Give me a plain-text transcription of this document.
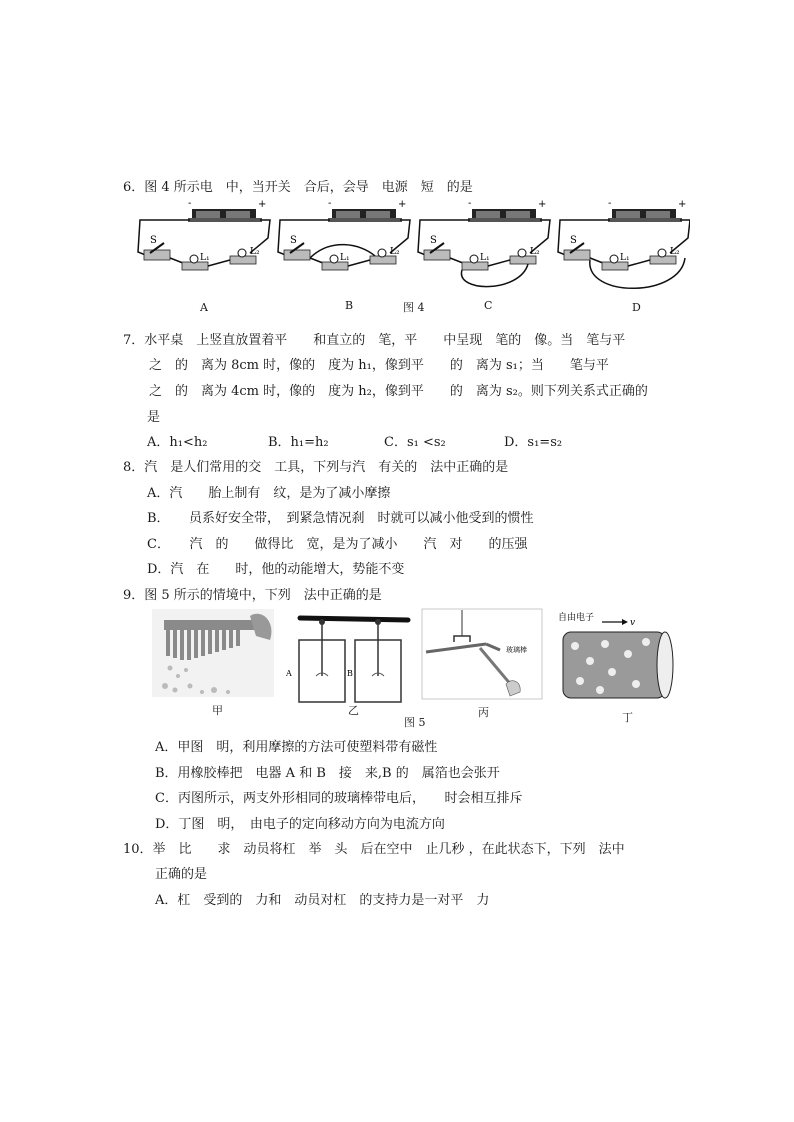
6．图 4 所示电　中，当开关　合后，会导　电源　短　的是
-	+
S
L₁
L₂
-	+
S
L₁
L₂
-	+
S
L₁
L₂
-	+
S
L₁
L₂
A	B	图 4	C	D
7．水平桌　上竖直放置着平　　和直立的　笔，平　　中呈现　笔的　像。当　笔与平
　　之　的　离为 8cm 时，像的　度为 h₁，像到平　　的　离为 s₁；当　　笔与平
　　之　的　离为 4cm 时，像的　度为 h₂，像到平　　的　离为 s₂。则下列关系式正确的
是
A．h₁<h₂	B．h₁=h₂	C．s₁ <s₂	D．s₁=s₂
8．汽　是人们常用的交　工具，下列与汽　有关的　法中正确的是
A．汽　　胎上制有　纹，是为了减小摩擦
B．　　员系好安全带，　到紧急情况刹　时就可以减小他受到的惯性
C．　　汽　的　　做得比　宽，是为了减小　　汽　对　　的压强
D．汽　在　　时，他的动能增大，势能不变
9．图 5 所示的情境中，下列　法中正确的是
A	B
玻璃棒
自由电子	v
甲	乙
图 5
丙	丁
A．甲图　明，利用摩擦的方法可使塑料带有磁性
B．用橡胶棒把　电器 A 和 B　接　来,B 的　属箔也会张开
C．丙图所示，两支外形相同的玻璃棒带电后，　　时会相互排斥
D．丁图　明，　由电子的定向移动方向为电流方向
10．举　比　　求　动员将杠　举　头　后在空中　止几秒 ，在此状态下，下列　法中
正确的是
A．杠　受到的　力和　动员对杠　的支持力是一对平　力
